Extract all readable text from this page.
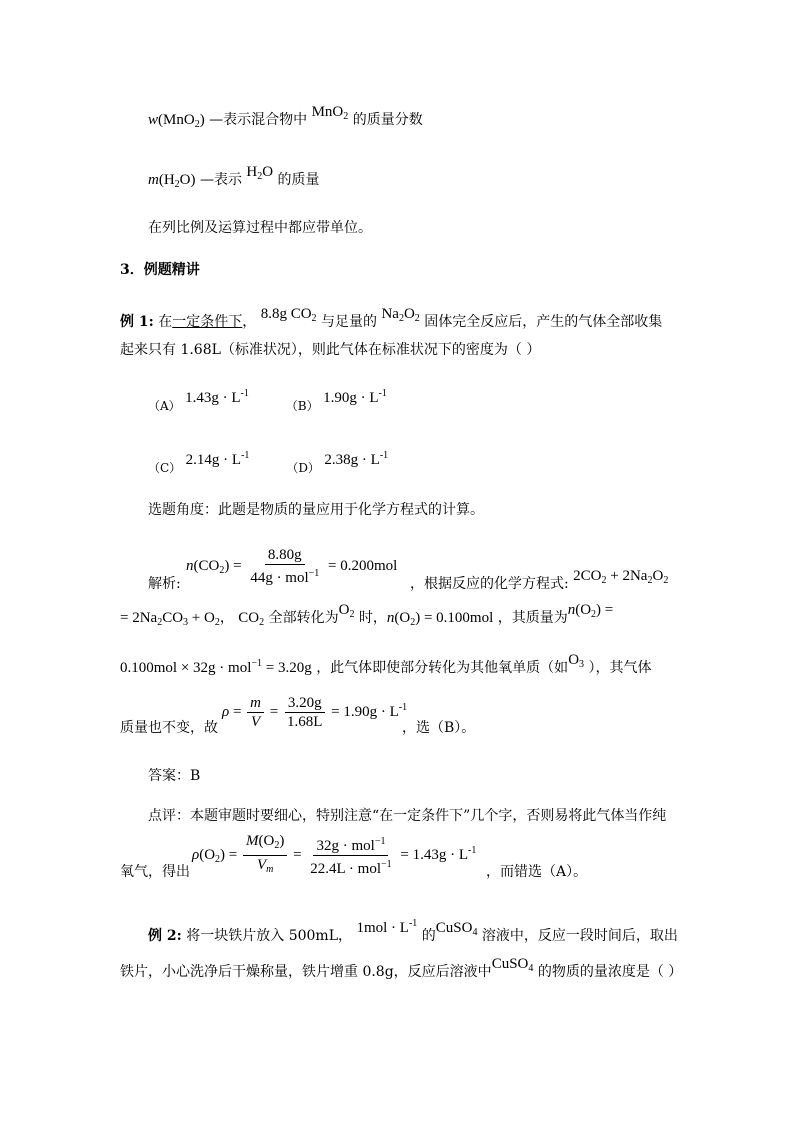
w(MnO$_2$) —表示混合物中 MnO$_2$ 的质量分数
$m(H_2O)$ —表示 $H_2O$ 的质量
在列比例及运算过程中都应带单位。
3．例题精讲
例 1: 在一定条件下， 8.8g $CO_2$ 与足量的 $Na_2O_2$ 固体完全反应后，产生的气体全部收集
起来只有 1.68L（标准状况），则此气体在标准状况下的密度为（ ）
（A） $1.43g \cdot L^{-1}$  （B） $1.90g \cdot L^{-1}$
（C） $2.14g \cdot L^{-1}$  （D） $2.38g \cdot L^{-1}$
选题角度：此题是物质的量应用于化学方程式的计算。
$n(CO_2) = \frac{8.80g}{44g \cdot mol^{-1}} = 0.200mol$
解析:	，根据反应的化学方程式: $2CO_2 + 2Na_2O_2$
= $2Na_2CO_3 + O_2$， $CO_2$ 全部转化为$O_2$ 时，$n(O_2) = 0.100mol$ ，其质量为$n(O_2)$ =
0.100mol × 32g · mol$^{-1}$ = 3.20g ，此气体即使部分转化为其他氧单质（如$O_3$ ），其气体
$\rho = \frac{m}{V} = \frac{3.20g}{1.68L} = 1.90g \cdot L^{-1}$
质量也不变，故	，选（B）。
答案：B
点评：本题审题时要细心，特别注意“在一定条件下”几个字，否则易将此气体当作纯
$\rho(O_2) = \frac{M(O_2)}{V_m} = \frac{32g \cdot mol^{-1}}{22.4L \cdot mol^{-1}} = 1.43g \cdot L^{-1}$
氧气，得出	，而错选（A）。
例 2: 将一块铁片放入 500mL， $1mol \cdot L^{-1}$ 的CuSO$_4$ 溶液中，反应一段时间后，取出
铁片，小心洗净后干燥称量，铁片增重 0.8g，反应后溶液中CuSO$_4$ 的物质的量浓度是（ ）
